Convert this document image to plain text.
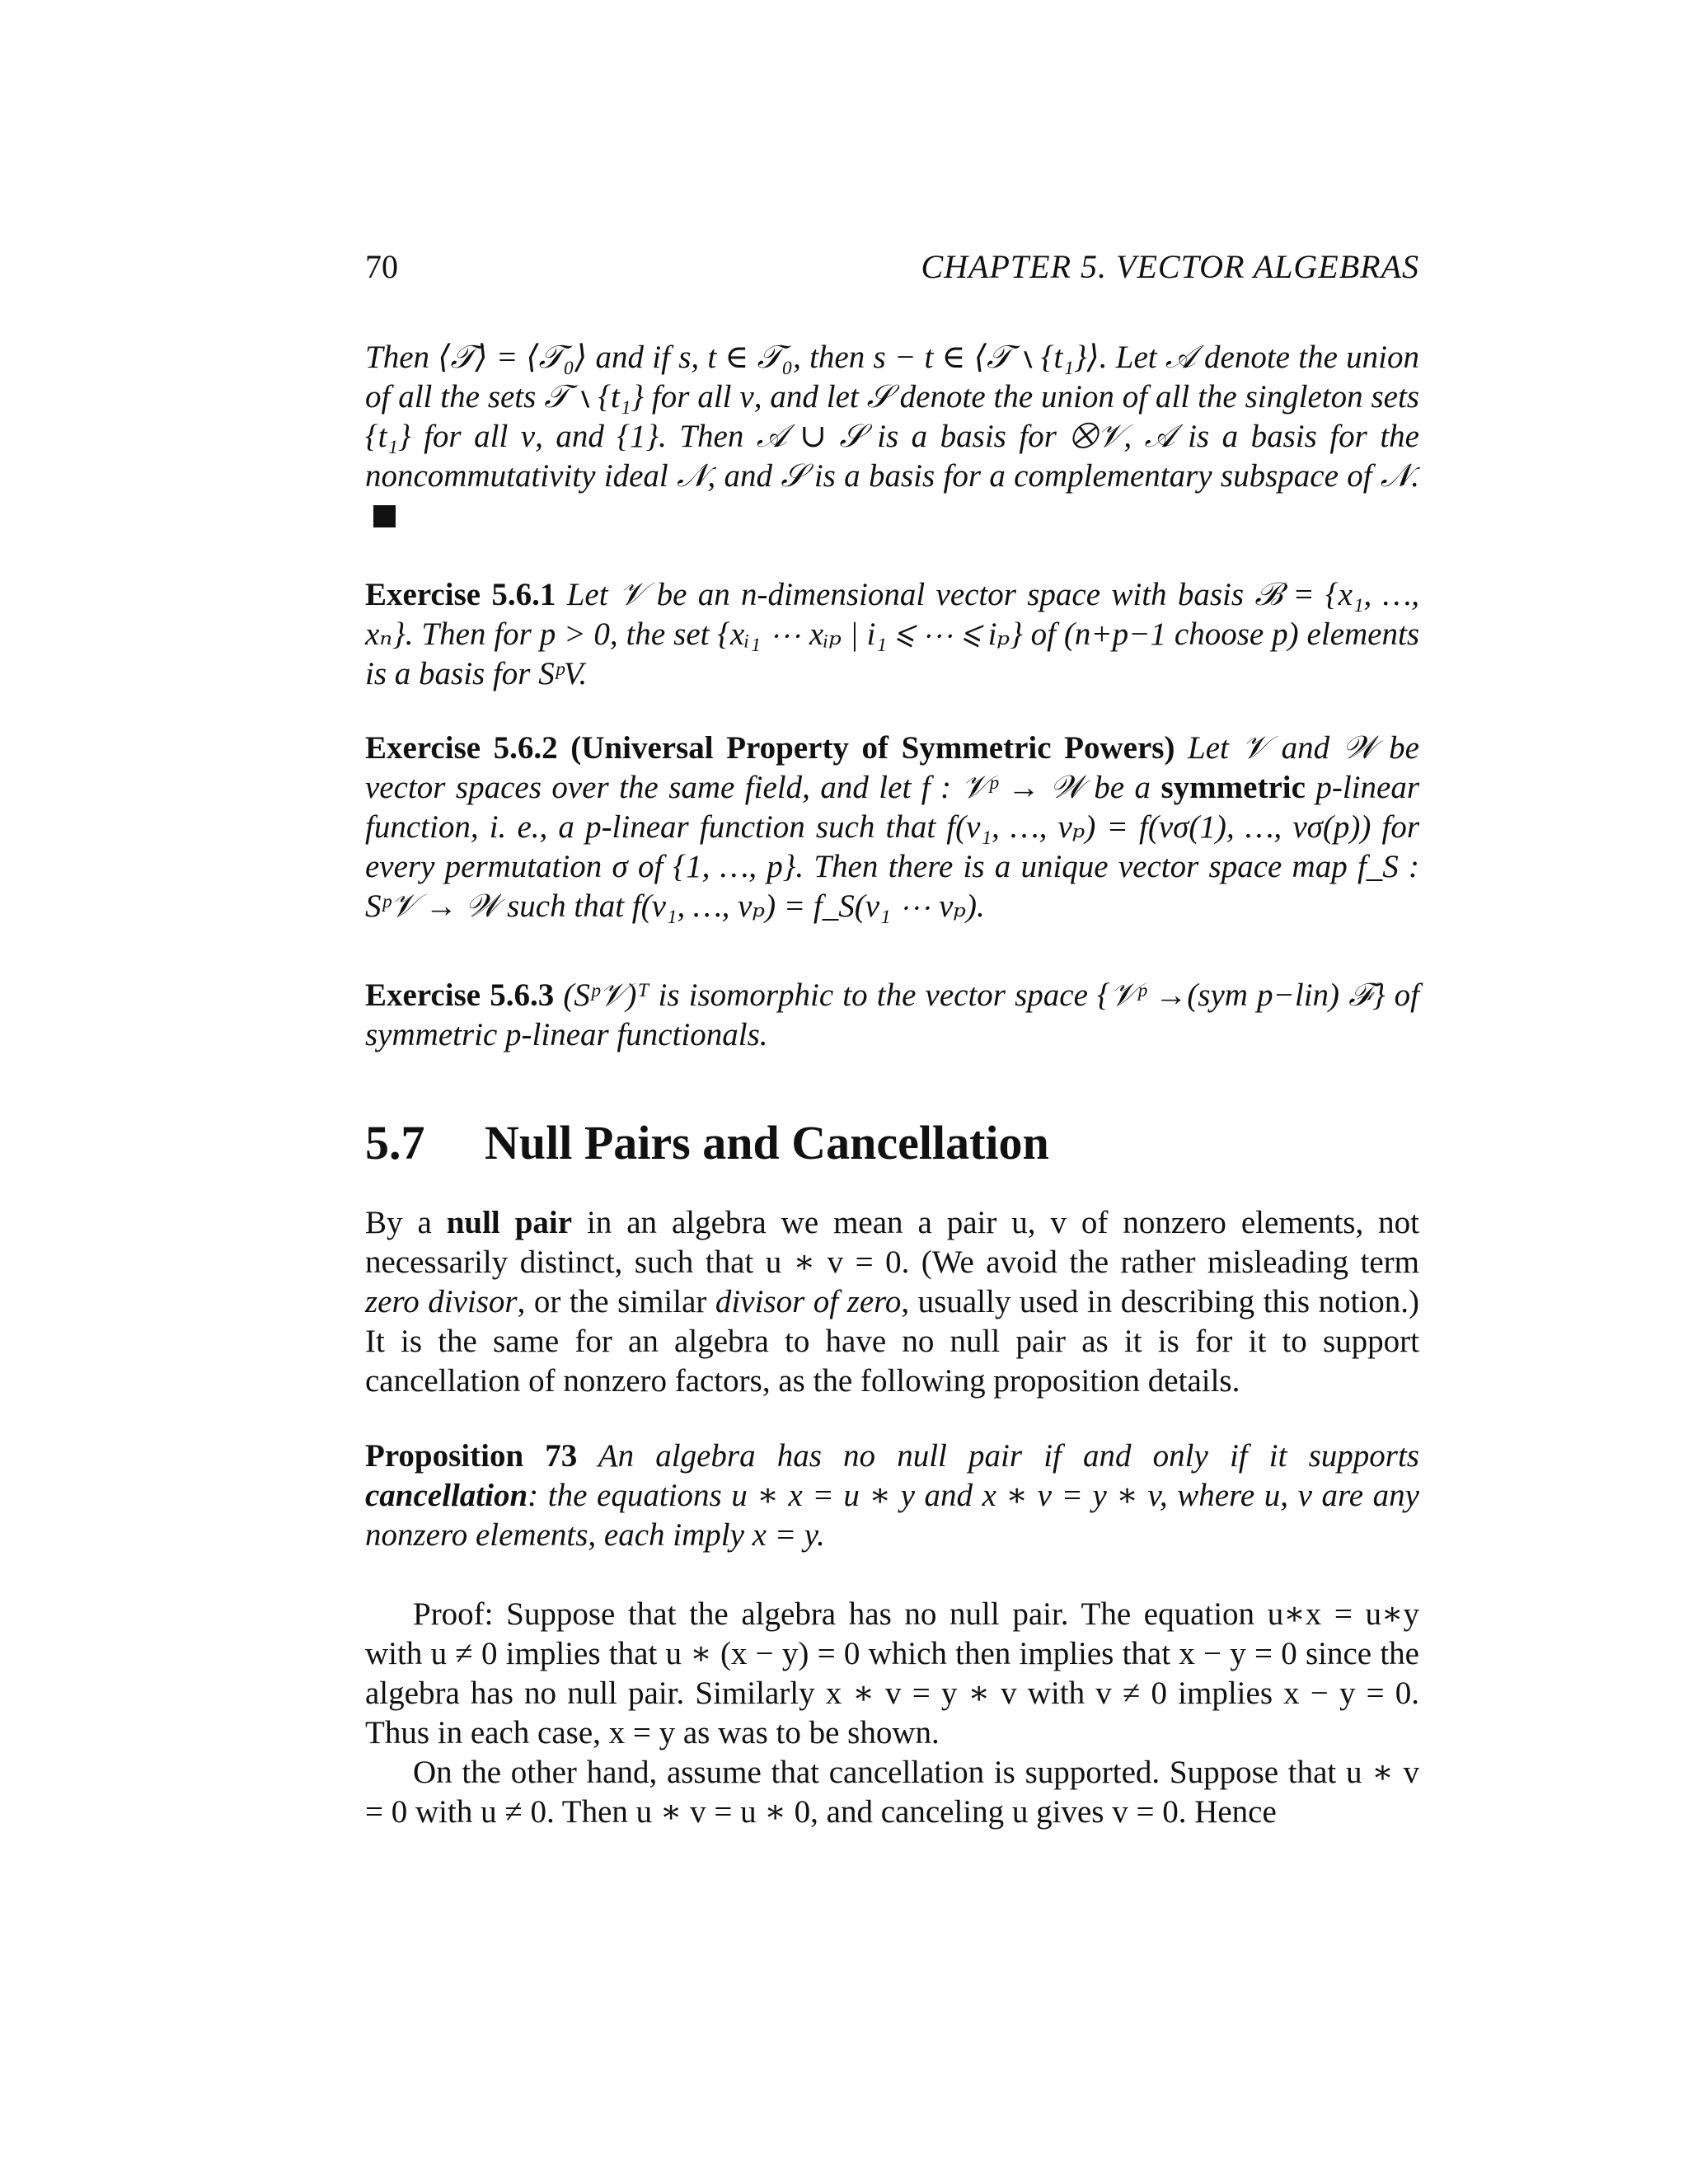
70	CHAPTER 5. VECTOR ALGEBRAS
Then ⟨𝒯⟩ = ⟨𝒯₀⟩ and if s, t ∈ 𝒯₀, then s − t ∈ ⟨𝒯 ∖ {t₁}⟩. Let 𝒜 denote the union of all the sets 𝒯 ∖ {t₁} for all ν, and let 𝒮 denote the union of all the singleton sets {t₁} for all ν, and {1}. Then 𝒜 ∪ 𝒮 is a basis for ⨂𝒱, 𝒜 is a basis for the noncommutativity ideal 𝒩, and 𝒮 is a basis for a complementary subspace of 𝒩.
Exercise 5.6.1 Let 𝒱 be an n-dimensional vector space with basis ℬ = {x₁, …, xₙ}. Then for p > 0, the set {xᵢ₁ ⋯ xᵢₚ | i₁ ⩽ ⋯ ⩽ iₚ} of (n+p−1 choose p) elements is a basis for SᵖV.
Exercise 5.6.2 (Universal Property of Symmetric Powers) Let 𝒱 and 𝒲 be vector spaces over the same field, and let f : 𝒱ᵖ → 𝒲 be a symmetric p-linear function, i. e., a p-linear function such that f(v₁, …, vₚ) = f(vσ(1), …, vσ(p)) for every permutation σ of {1, …, p}. Then there is a unique vector space map f_S : Sᵖ𝒱 → 𝒲 such that f(v₁, …, vₚ) = f_S(v₁ ⋯ vₚ).
Exercise 5.6.3 (Sᵖ𝒱)ᵀ is isomorphic to the vector space {𝒱ᵖ →(sym p−lin) ℱ} of symmetric p-linear functionals.
5.7 Null Pairs and Cancellation
By a null pair in an algebra we mean a pair u, v of nonzero elements, not necessarily distinct, such that u ∗ v = 0. (We avoid the rather misleading term zero divisor, or the similar divisor of zero, usually used in describing this notion.) It is the same for an algebra to have no null pair as it is for it to support cancellation of nonzero factors, as the following proposition details.
Proposition 73 An algebra has no null pair if and only if it supports cancellation: the equations u ∗ x = u ∗ y and x ∗ v = y ∗ v, where u, v are any nonzero elements, each imply x = y.
Proof: Suppose that the algebra has no null pair. The equation u∗x = u∗y with u ≠ 0 implies that u ∗ (x − y) = 0 which then implies that x − y = 0 since the algebra has no null pair. Similarly x ∗ v = y ∗ v with v ≠ 0 implies x − y = 0. Thus in each case, x = y as was to be shown.
On the other hand, assume that cancellation is supported. Suppose that u ∗ v = 0 with u ≠ 0. Then u ∗ v = u ∗ 0, and canceling u gives v = 0. Hence
